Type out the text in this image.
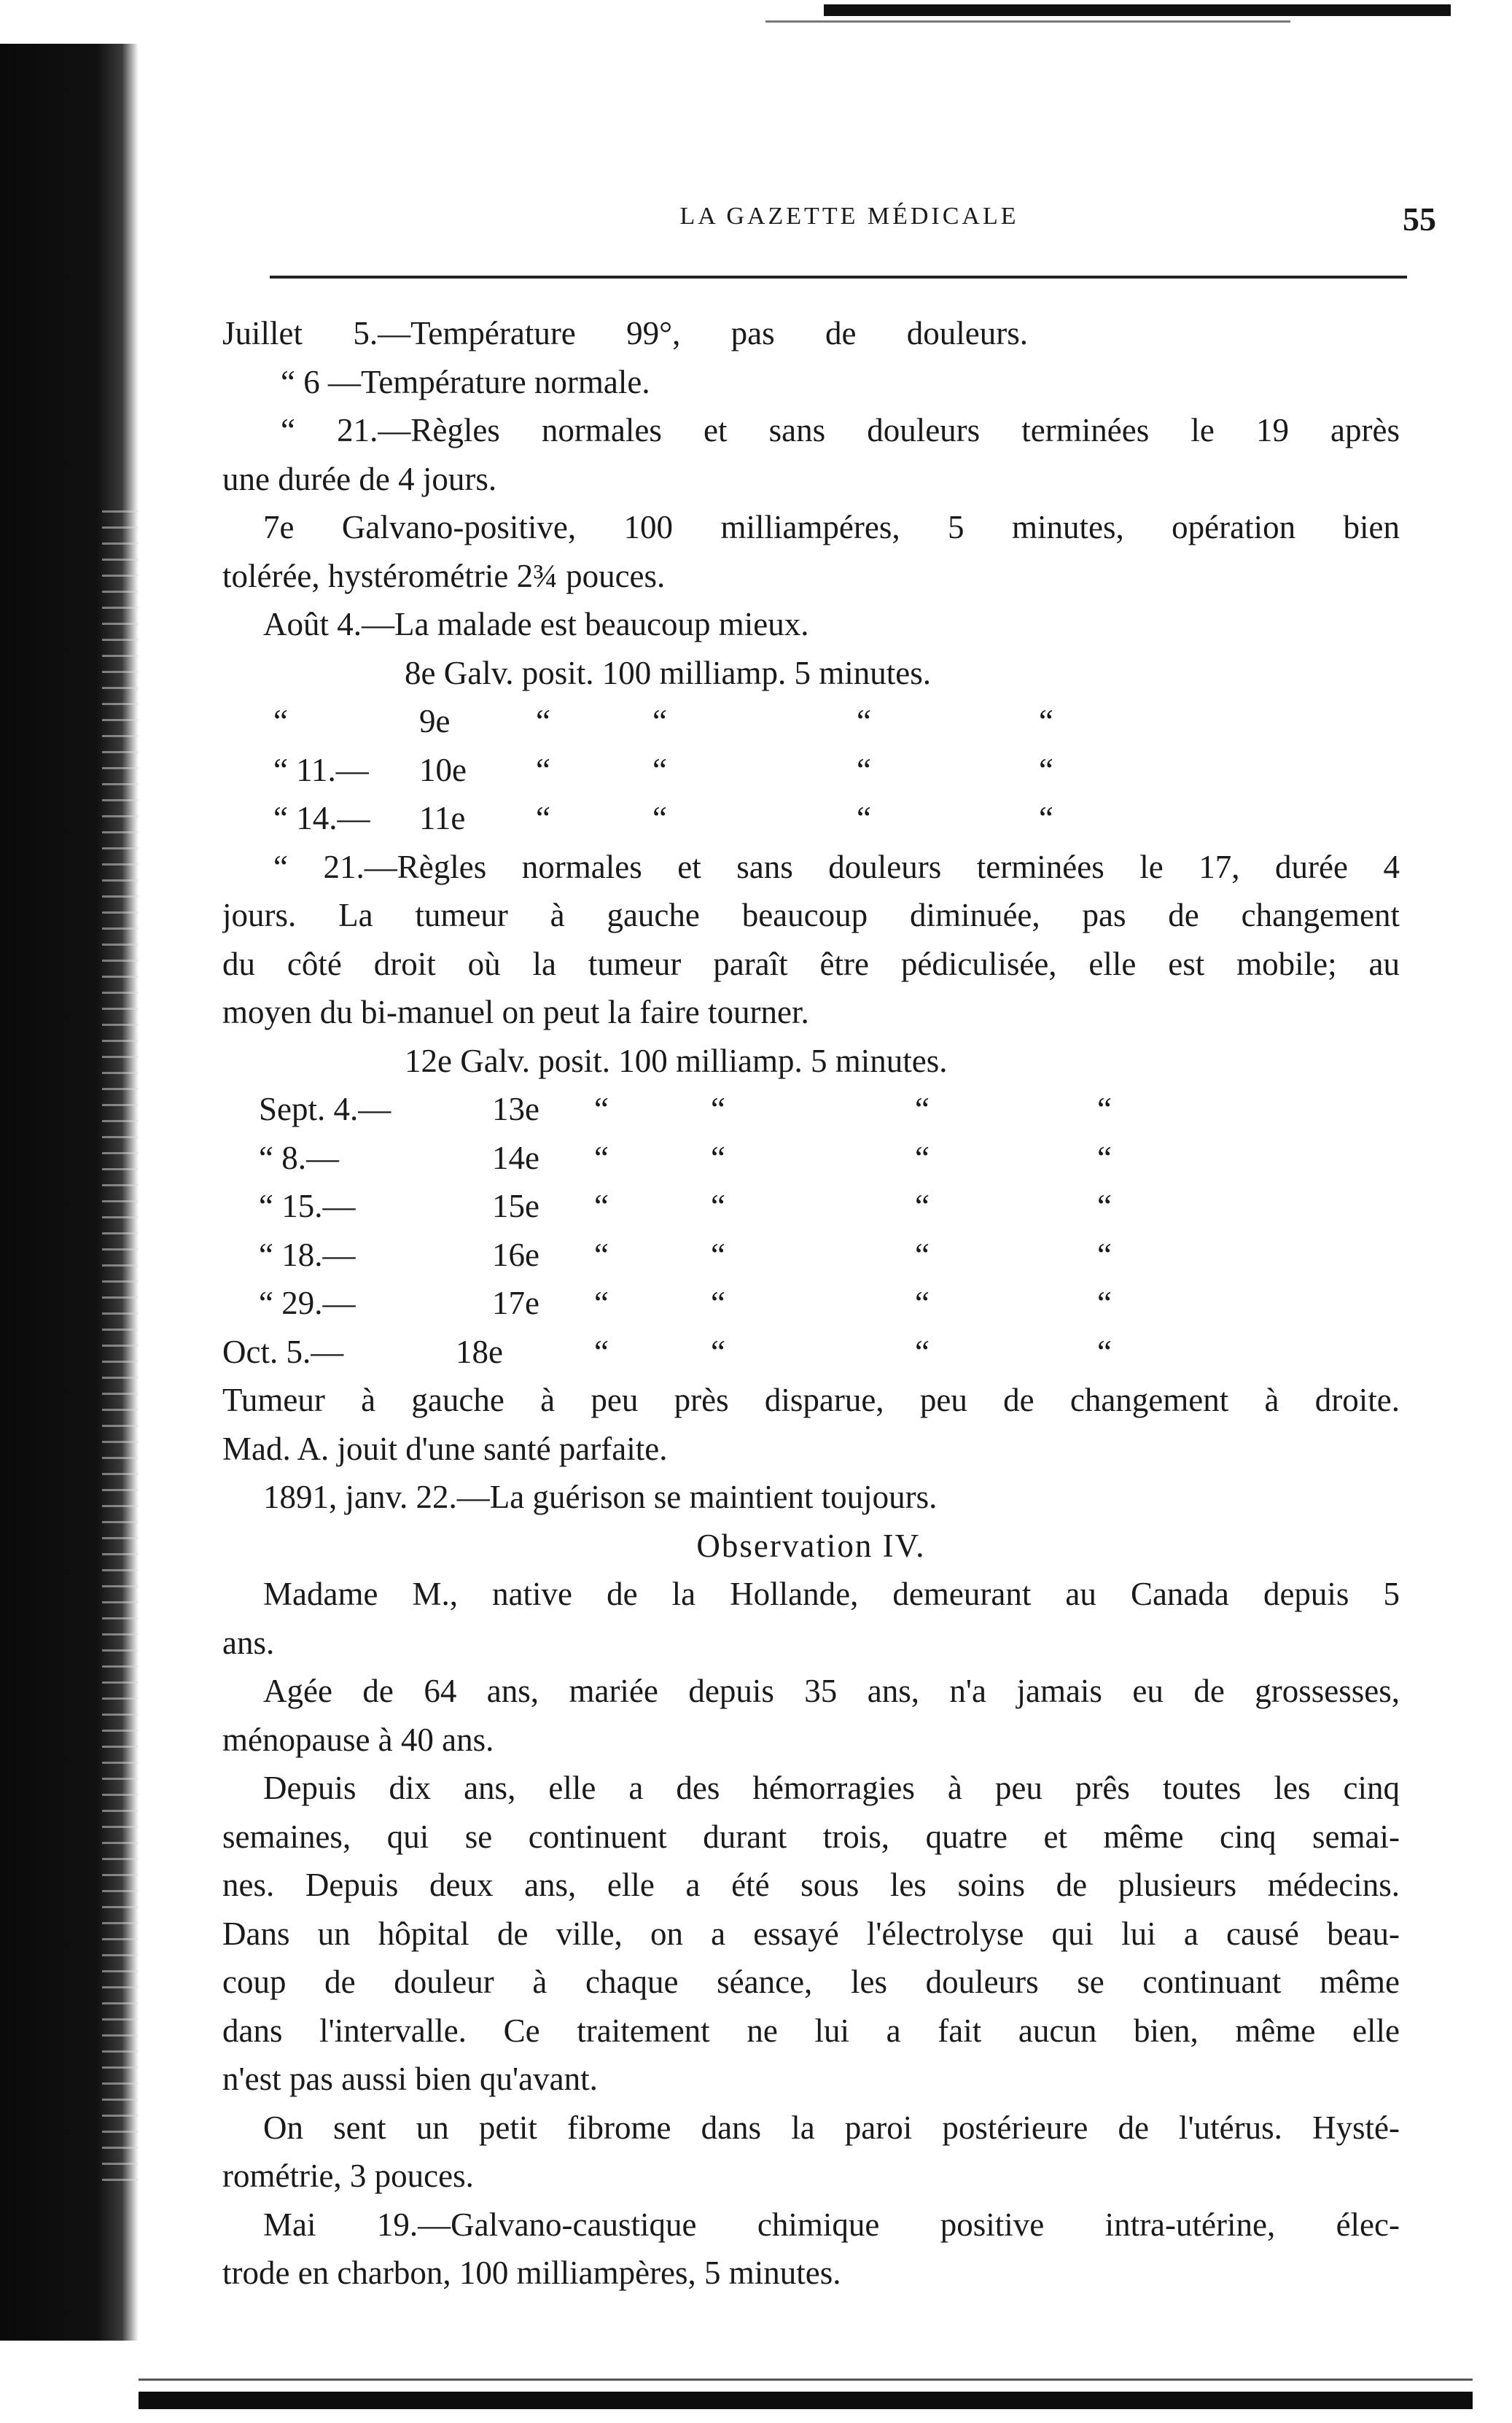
LA GAZETTE MÉDICALE	55
Juillet 5.—Température 99°, pas de douleurs.
“ 6 —Température normale.
“ 21.—Règles normales et sans douleurs terminées le 19 après
une durée de 4 jours.
7e Galvano-positive, 100 milliampéres, 5 minutes, opération bien
tolérée, hystérométrie 2¾ pouces.
Août 4.—La malade est beaucoup mieux.
8e Galv. posit. 100 milliamp. 5 minutes.
“	9e	“	“	“	“
“ 11.—	10e	“	“	“	“
“ 14.—	11e	“	“	“	“
“ 21.—Règles normales et sans douleurs terminées le 17, durée 4
jours. La tumeur à gauche beaucoup diminuée, pas de changement
du côté droit où la tumeur paraît être pédiculisée, elle est mobile; au
moyen du bi-manuel on peut la faire tourner.
12e Galv. posit. 100 milliamp. 5 minutes.
Sept. 4.—	13e	“	“	“	“
“ 8.—	14e	“	“	“	“
“ 15.—	15e	“	“	“	“
“ 18.—	16e	“	“	“	“
“ 29.—	17e	“	“	“	“
Oct. 5.—	18e	“	“	“	“
Tumeur à gauche à peu près disparue, peu de changement à droite.
Mad. A. jouit d'une santé parfaite.
1891, janv. 22.—La guérison se maintient toujours.
Observation IV.
Madame M., native de la Hollande, demeurant au Canada depuis 5
ans.
Agée de 64 ans, mariée depuis 35 ans, n'a jamais eu de grossesses,
ménopause à 40 ans.
Depuis dix ans, elle a des hémorragies à peu prês toutes les cinq
semaines, qui se continuent durant trois, quatre et même cinq semai-
nes. Depuis deux ans, elle a été sous les soins de plusieurs médecins.
Dans un hôpital de ville, on a essayé l'électrolyse qui lui a causé beau-
coup de douleur à chaque séance, les douleurs se continuant même
dans l'intervalle. Ce traitement ne lui a fait aucun bien, même elle
n'est pas aussi bien qu'avant.
On sent un petit fibrome dans la paroi postérieure de l'utérus. Hysté-
rométrie, 3 pouces.
Mai 19.—Galvano-caustique chimique positive intra-utérine, élec-
trode en charbon, 100 milliampères, 5 minutes.
